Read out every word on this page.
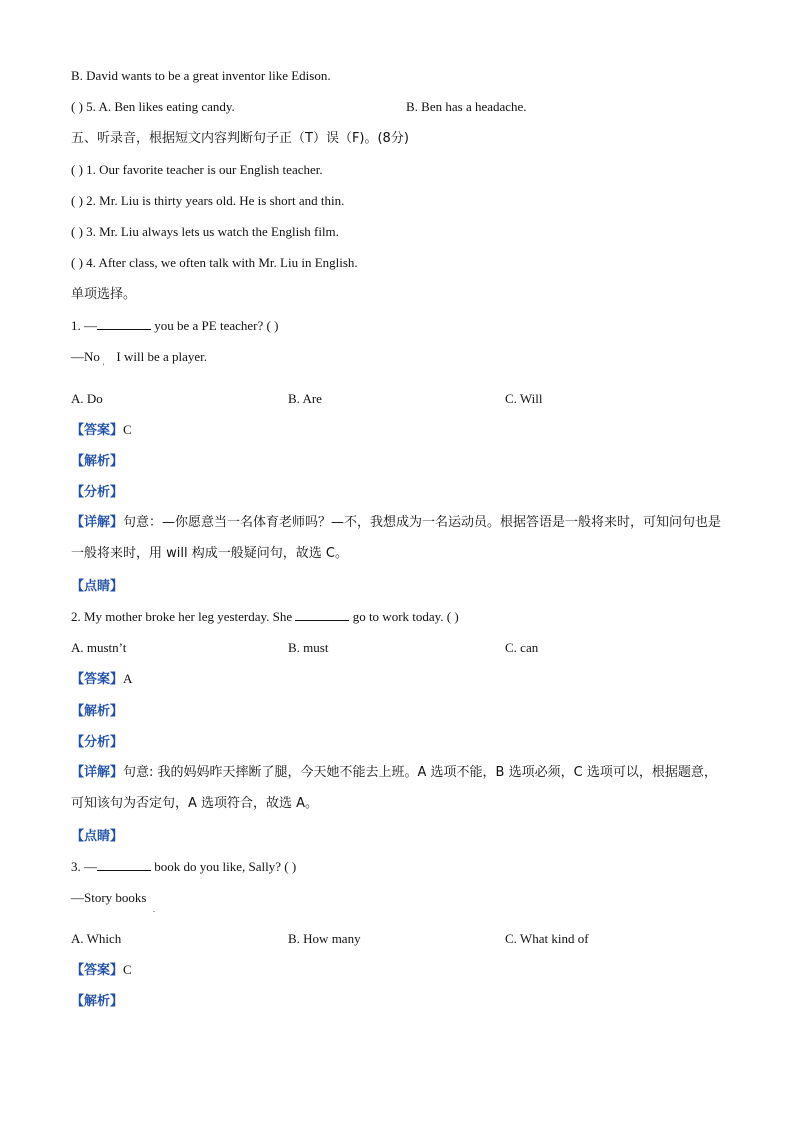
B. David wants to be a great inventor like Edison.
( ) 5. A. Ben likes eating candy.	B. Ben has a headache.
五、听录音，根据短文内容判断句子正（T）误（F)。(8分)
( ) 1. Our favorite teacher is our English teacher.
( ) 2. Mr. Liu is thirty years old. He is short and thin.
( ) 3. Mr. Liu always lets us watch the English film.
( ) 4. After class, we often talk with Mr. Liu in English.
单项选择。
1. —	you be a PE teacher? ( )
—No I will be a player.
'
A. Do	B. Are	C. Will
【答案】C
【解析】
【分析】
【详解】句意：—你愿意当一名体育老师吗？—不，我想成为一名运动员。根据答语是一般将来时，可知问句也是一般将来时，用 will 构成一般疑问句，故选 C。
【点睛】
2. My mother broke her leg yesterday. She	go to work today. ( )
A. mustn’t	B. must	C. can
【答案】A
【解析】
【分析】
【详解】句意: 我的妈妈昨天摔断了腿，今天她不能去上班。A 选项不能，B 选项必须，C 选项可以，根据题意，可知该句为否定句，A 选项符合，故选 A。
【点睛】
3. —	book do you like, Sally? ( )
—Story books
.
A. Which	B. How many	C. What kind of
【答案】C
【解析】
